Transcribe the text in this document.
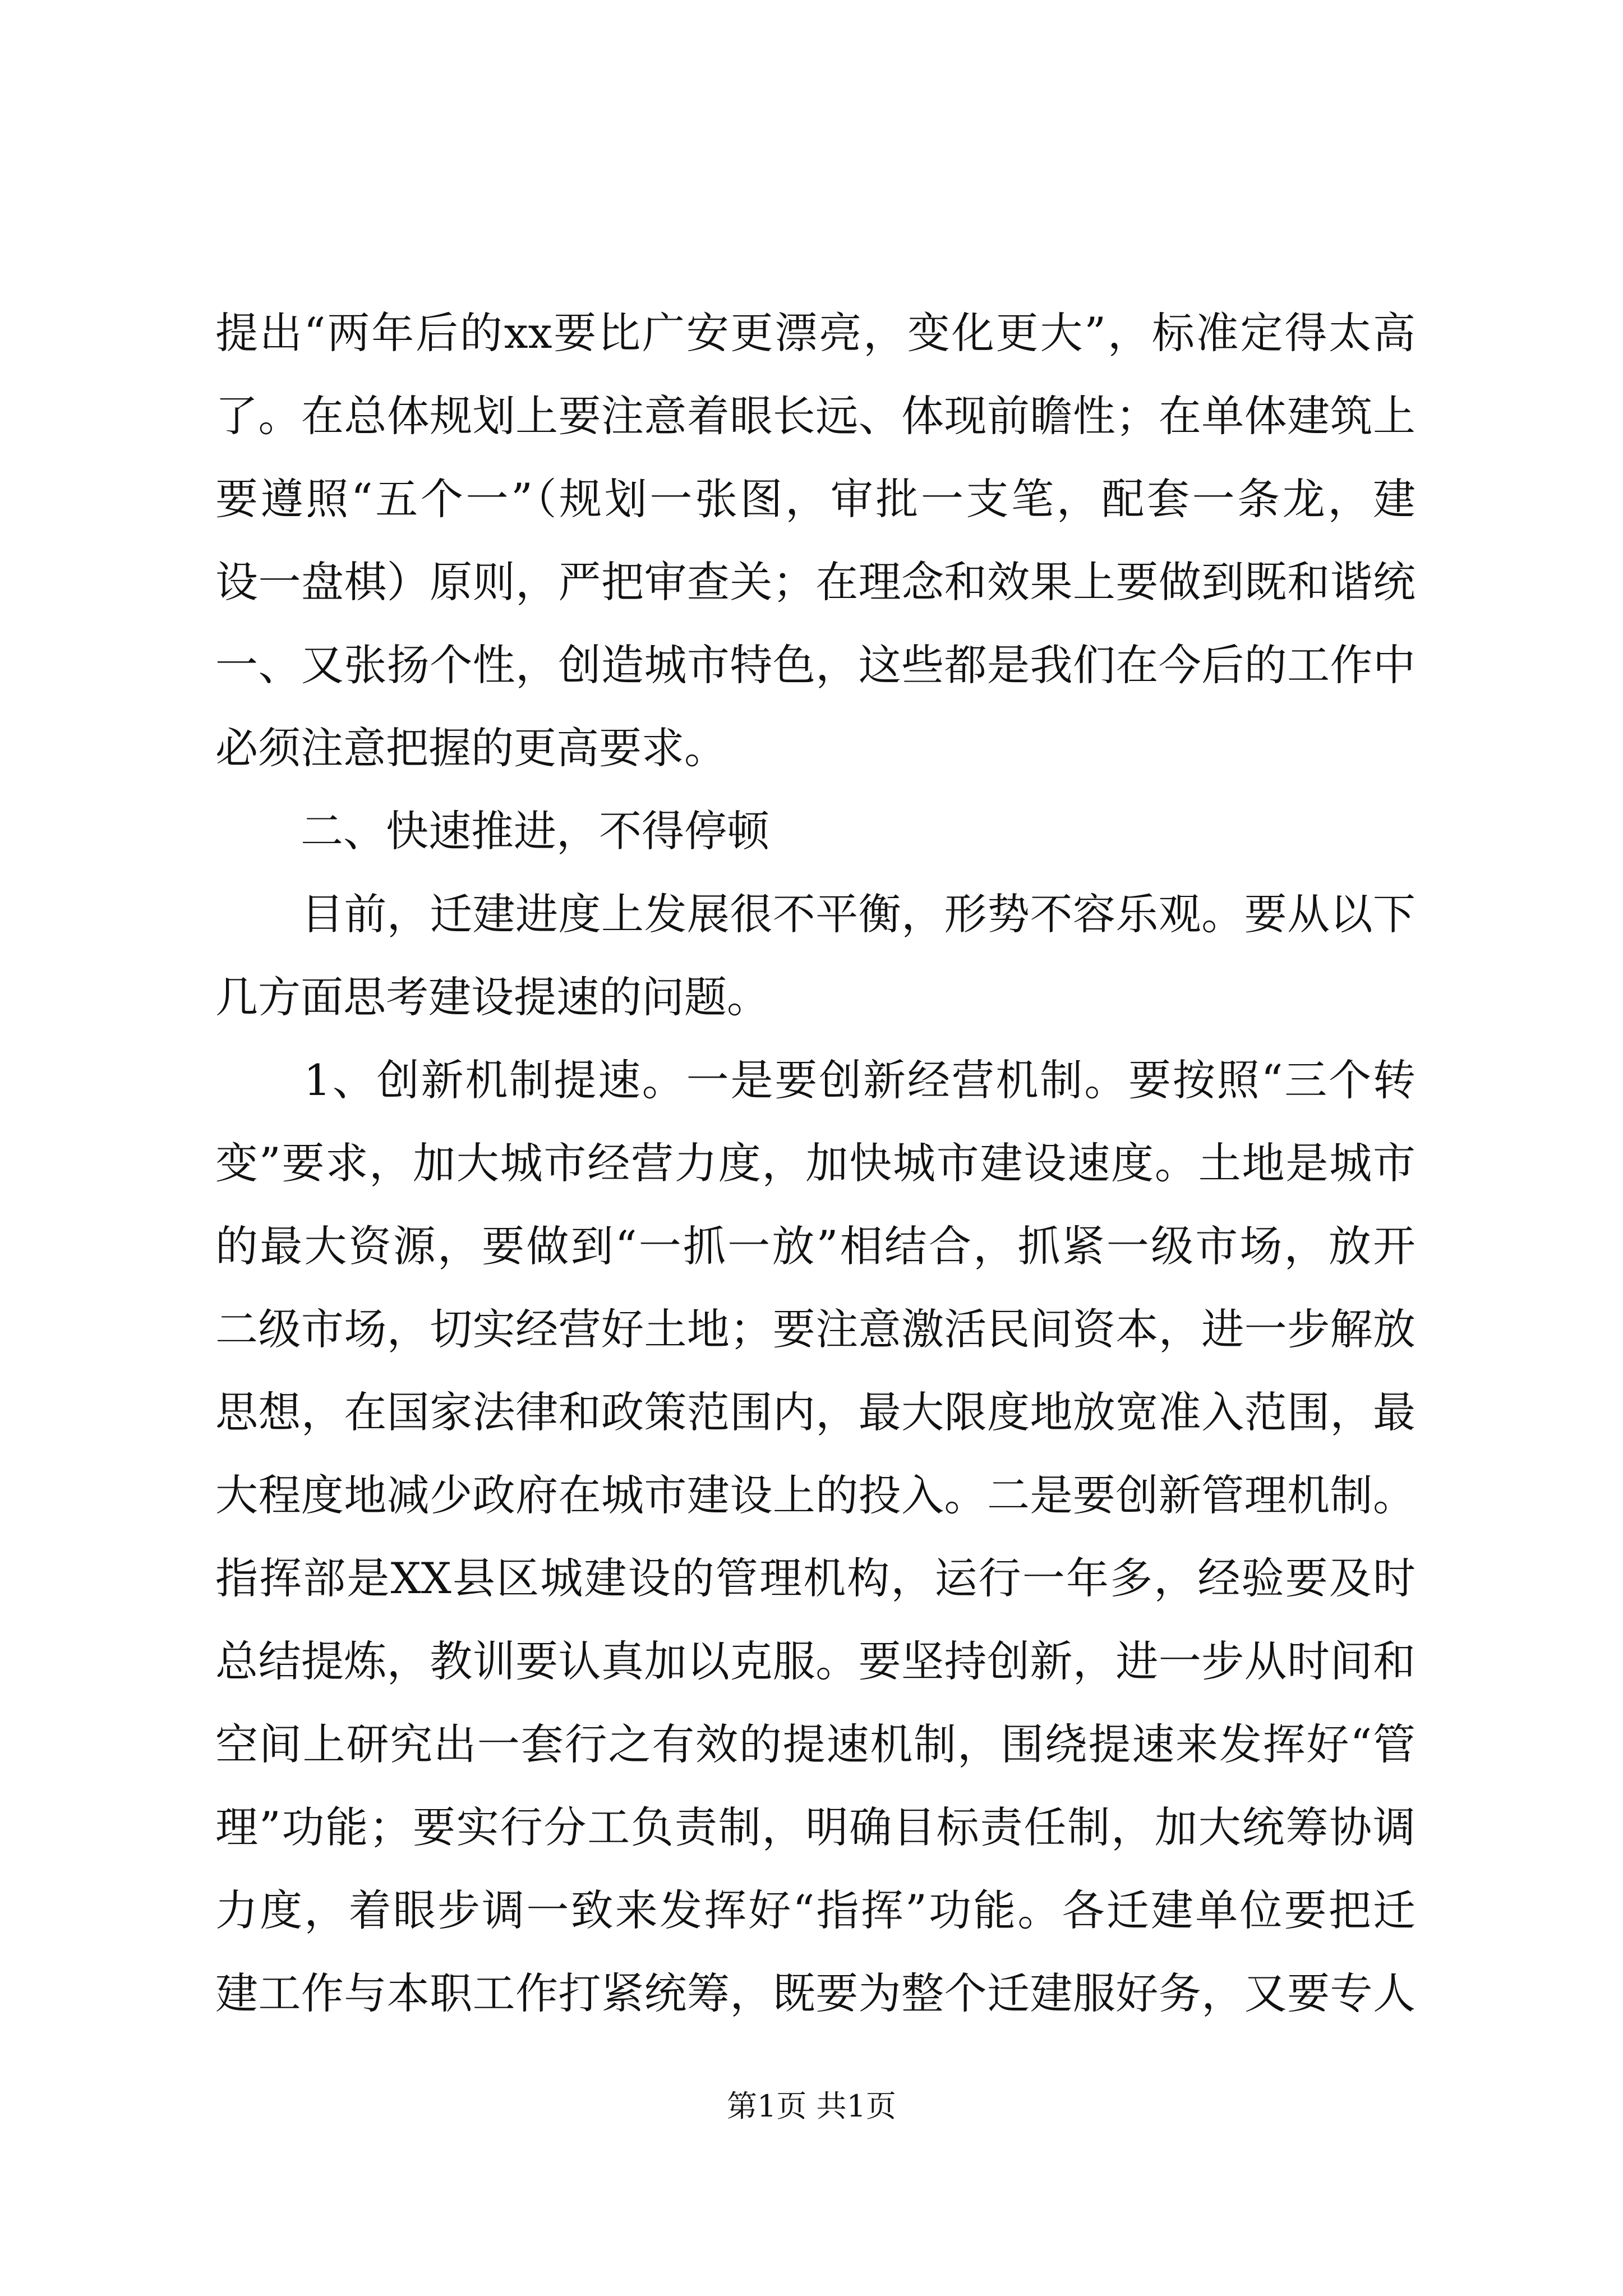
提出“两年后的xx要比广安更漂亮，变化更大”，标准定得太高
了。在总体规划上要注意着眼长远、体现前瞻性；在单体建筑上
要遵照“五个一”（规划一张图，审批一支笔，配套一条龙，建
设一盘棋）原则，严把审查关；在理念和效果上要做到既和谐统
一、又张扬个性，创造城市特色，这些都是我们在今后的工作中
必须注意把握的更高要求。
　　二、快速推进，不得停顿
　　目前，迁建进度上发展很不平衡，形势不容乐观。要从以下
几方面思考建设提速的问题。
　　1、创新机制提速。一是要创新经营机制。要按照“三个转
变”要求，加大城市经营力度，加快城市建设速度。土地是城市
的最大资源，要做到“一抓一放”相结合，抓紧一级市场，放开
二级市场，切实经营好土地；要注意激活民间资本，进一步解放
思想，在国家法律和政策范围内，最大限度地放宽准入范围，最
大程度地减少政府在城市建设上的投入。二是要创新管理机制。
指挥部是XX县区城建设的管理机构，运行一年多，经验要及时
总结提炼，教训要认真加以克服。要坚持创新，进一步从时间和
空间上研究出一套行之有效的提速机制，围绕提速来发挥好“管
理”功能；要实行分工负责制，明确目标责任制，加大统筹协调
力度，着眼步调一致来发挥好“指挥”功能。各迁建单位要把迁
建工作与本职工作打紧统筹，既要为整个迁建服好务，又要专人
第1页 共1页
